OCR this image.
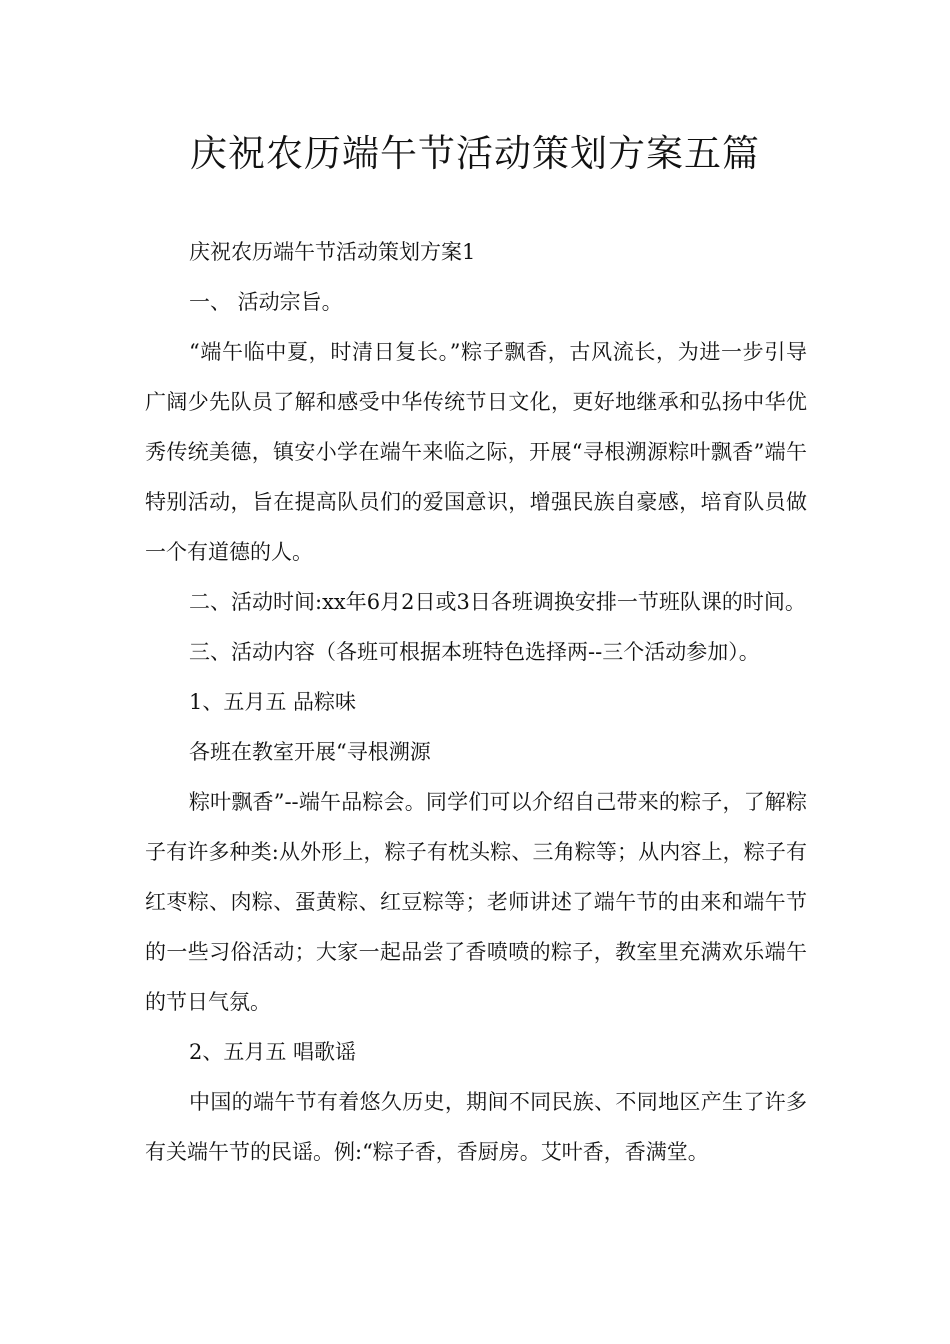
庆祝农历端午节活动策划方案五篇

庆祝农历端午节活动策划方案1

一、 活动宗旨。

“端午临中夏，时清日复长。”粽子飘香，古风流长，为进一步引导广阔少先队员了解和感受中华传统节日文化，更好地继承和弘扬中华优秀传统美德，镇安小学在端午来临之际，开展“寻根溯源粽叶飘香”端午特别活动，旨在提高队员们的爱国意识，增强民族自豪感，培育队员做一个有道德的人。

二、活动时间:xx年6月2日或3日各班调换安排一节班队课的时间。

三、活动内容（各班可根据本班特色选择两--三个活动参加）。

1、五月五 品粽味

各班在教室开展“寻根溯源

粽叶飘香”--端午品粽会。同学们可以介绍自己带来的粽子，了解粽子有许多种类:从外形上，粽子有枕头粽、三角粽等；从内容上，粽子有红枣粽、肉粽、蛋黄粽、红豆粽等；老师讲述了端午节的由来和端午节的一些习俗活动；大家一起品尝了香喷喷的粽子，教室里充满欢乐端午的节日气氛。

2、五月五 唱歌谣

中国的端午节有着悠久历史，期间不同民族、不同地区产生了许多有关端午节的民谣。例:“粽子香，香厨房。艾叶香，香满堂。
